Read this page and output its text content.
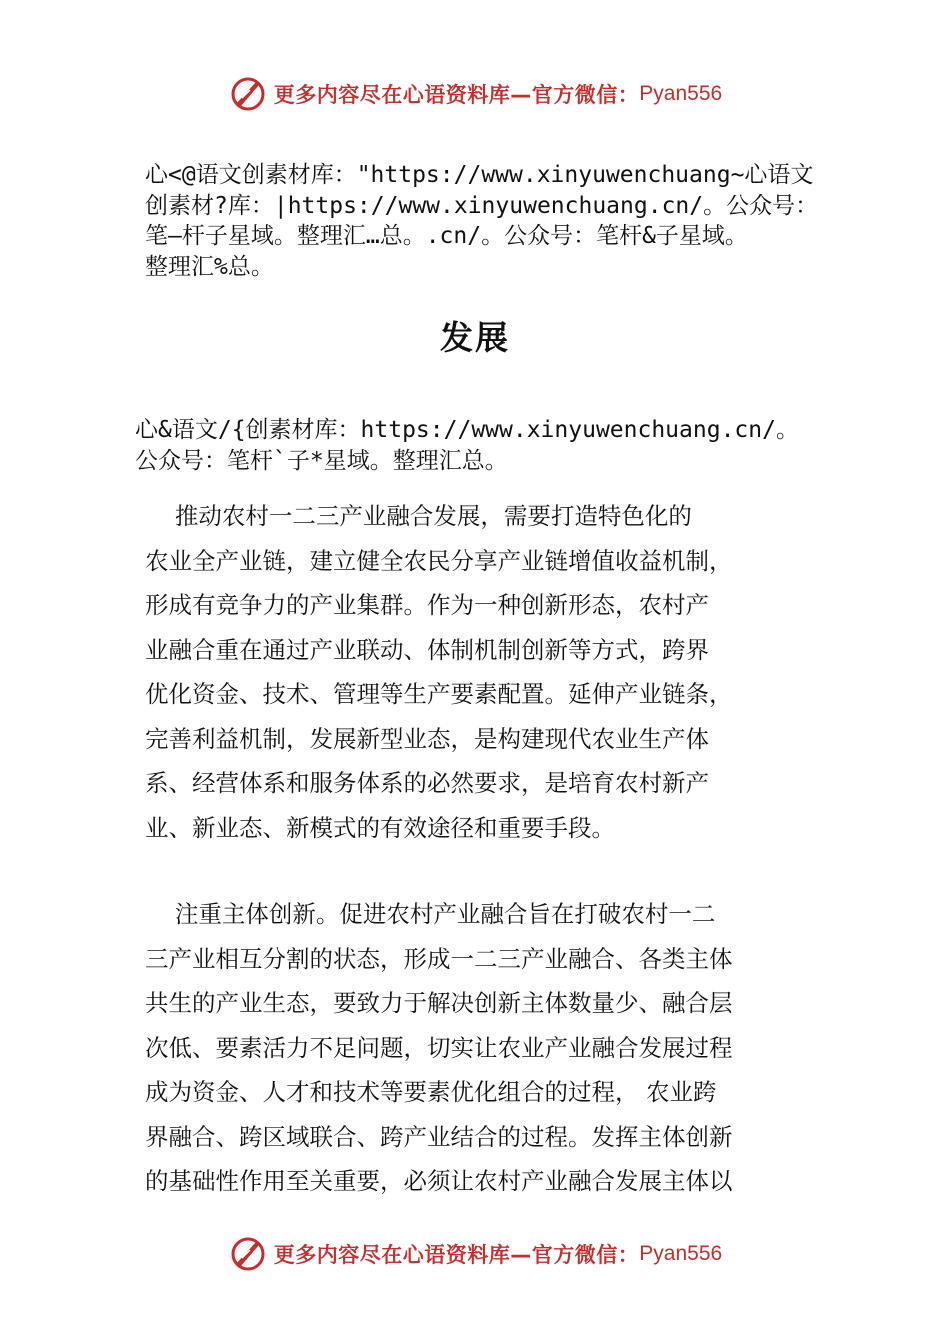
更多内容尽在心语资料库—官方微信： Pyan556
心<@语文创素材库："https://www.xinyuwenchuang~心语文
创素材?库：|https://www.xinyuwenchuang.cn/。公众号：
笔—杆子星域。整理汇…总。.cn/。公众号：笔杆&子星域。
整理汇%总。
发展
心&语文/{创素材库：https://www.xinyuwenchuang.cn/。
公众号：笔杆`子*星域。整理汇总。
推动农村一二三产业融合发展，需要打造特色化的
农业全产业链，建立健全农民分享产业链增值收益机制，
形成有竞争力的产业集群。作为一种创新形态，农村产
业融合重在通过产业联动、体制机制创新等方式，跨界
优化资金、技术、管理等生产要素配置。延伸产业链条，
完善利益机制，发展新型业态，是构建现代农业生产体
系、经营体系和服务体系的必然要求，是培育农村新产
业、新业态、新模式的有效途径和重要手段。
注重主体创新。促进农村产业融合旨在打破农村一二
三产业相互分割的状态，形成一二三产业融合、各类主体
共生的产业生态，要致力于解决创新主体数量少、融合层
次低、要素活力不足问题，切实让农业产业融合发展过程
成为资金、人才和技术等要素优化组合的过程， 农业跨
界融合、跨区域联合、跨产业结合的过程。发挥主体创新
的基础性作用至关重要，必须让农村产业融合发展主体以
更多内容尽在心语资料库—官方微信： Pyan556
